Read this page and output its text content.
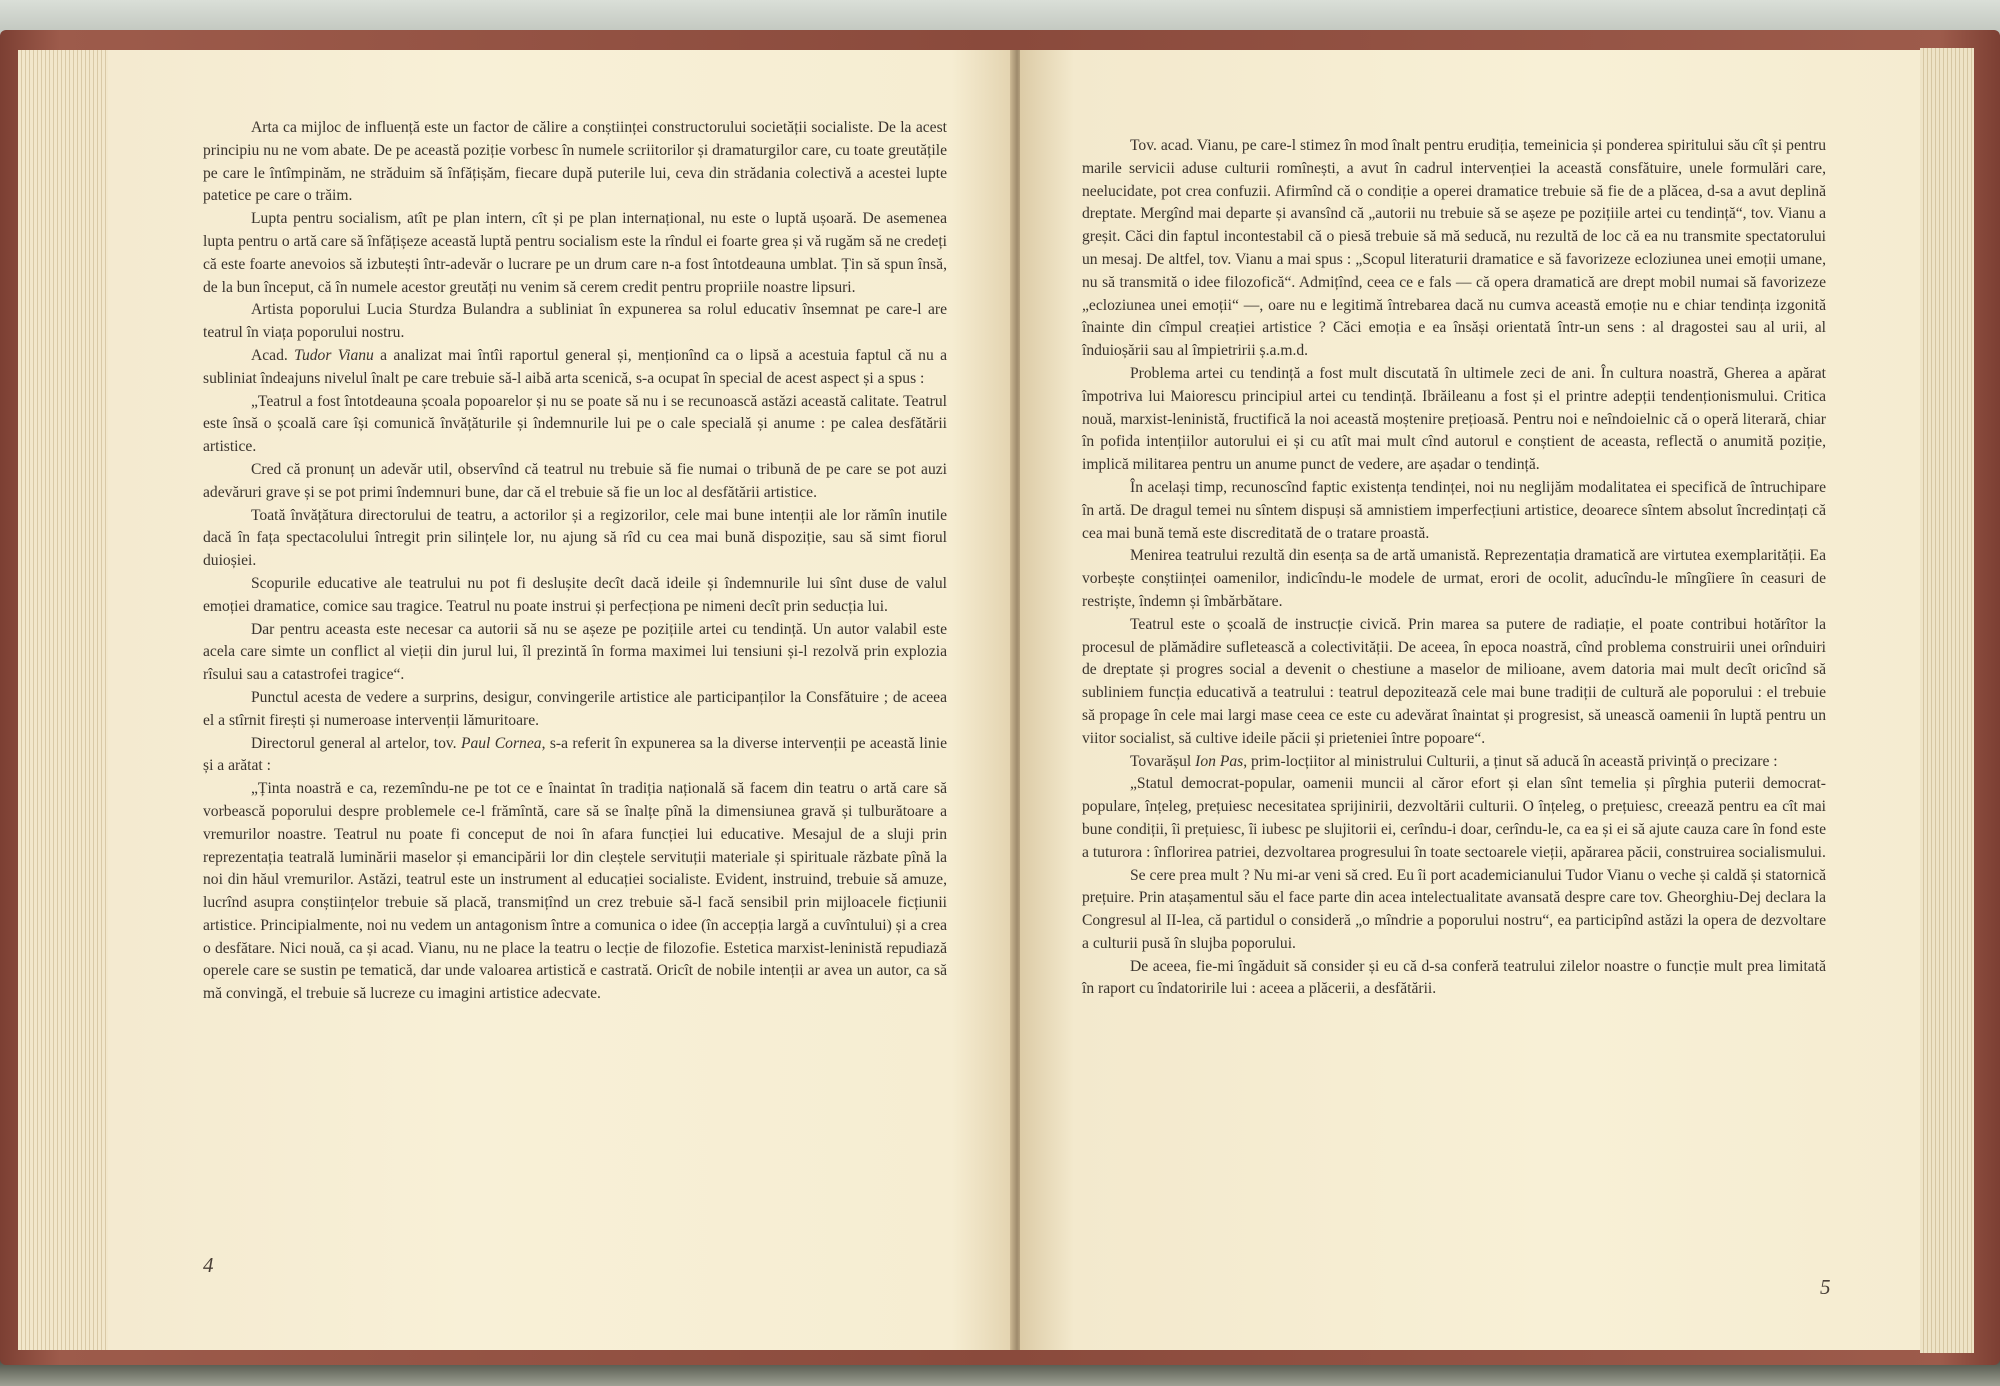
Arta ca mijloc de influență este un factor de călire a conștiinței constructorului societății socialiste. De la acest principiu nu ne vom abate. De pe această poziție vorbesc în numele scriitorilor și dramaturgilor care, cu toate greutățile pe care le întîmpinăm, ne străduim să înfățișăm, fiecare după puterile lui, ceva din strădania colectivă a acestei lupte patetice pe care o trăim.

Lupta pentru socialism, atît pe plan intern, cît și pe plan internațional, nu este o luptă ușoară. De asemenea lupta pentru o artă care să înfățișeze această luptă pentru socialism este la rîndul ei foarte grea și vă rugăm să ne credeți că este foarte anevoios să izbutești într-adevăr o lucrare pe un drum care n-a fost întotdeauna umblat. Țin să spun însă, de la bun început, că în numele acestor greutăți nu venim să cerem credit pentru propriile noastre lipsuri.

Artista poporului Lucia Sturdza Bulandra a subliniat în expunerea sa rolul educativ însemnat pe care-l are teatrul în viața poporului nostru.

Acad. Tudor Vianu a analizat mai întîi raportul general și, menționînd ca o lipsă a acestuia faptul că nu a subliniat îndeajuns nivelul înalt pe care trebuie să-l aibă arta scenică, s-a ocupat în special de acest aspect și a spus :

„Teatrul a fost întotdeauna școala popoarelor și nu se poate să nu i se recunoască astăzi această calitate. Teatrul este însă o școală care își comunică învățăturile și îndemnurile lui pe o cale specială și anume : pe calea desfătării artistice.

Cred că pronunț un adevăr util, observînd că teatrul nu trebuie să fie numai o tribună de pe care se pot auzi adevăruri grave și se pot primi îndemnuri bune, dar că el trebuie să fie un loc al desfătării artistice.

Toată învățătura directorului de teatru, a actorilor și a regizorilor, cele mai bune intenții ale lor rămîn inutile dacă în fața spectacolului întregit prin silințele lor, nu ajung să rîd cu cea mai bună dispoziție, sau să simt fiorul duioșiei.

Scopurile educative ale teatrului nu pot fi deslușite decît dacă ideile și îndemnurile lui sînt duse de valul emoției dramatice, comice sau tragice. Teatrul nu poate instrui și perfecționa pe nimeni decît prin seducția lui.

Dar pentru aceasta este necesar ca autorii să nu se așeze pe pozițiile artei cu tendință. Un autor valabil este acela care simte un conflict al vieții din jurul lui, îl prezintă în forma maximei lui tensiuni și-l rezolvă prin explozia rîsului sau a catastrofei tragice“.

Punctul acesta de vedere a surprins, desigur, convingerile artistice ale participanților la Consfătuire ; de aceea el a stîrnit firești și numeroase intervenții lămuritoare.

Directorul general al artelor, tov. Paul Cornea, s-a referit în expunerea sa la diverse intervenții pe această linie și a arătat :

„Ținta noastră e ca, rezemîndu-ne pe tot ce e înaintat în tradiția națională să facem din teatru o artă care să vorbească poporului despre problemele ce-l frămîntă, care să se înalțe pînă la dimensiunea gravă și tulburătoare a vremurilor noastre. Teatrul nu poate fi conceput de noi în afara funcției lui educative. Mesajul de a sluji prin reprezentația teatrală luminării maselor și emancipării lor din cleștele servituții materiale și spirituale răzbate pînă la noi din hăul vremurilor. Astăzi, teatrul este un instrument al educației socialiste. Evident, instruind, trebuie să amuze, lucrînd asupra conștiințelor trebuie să placă, transmițînd un crez trebuie să-l facă sensibil prin mijloacele ficțiunii artistice. Principialmente, noi nu vedem un antagonism între a comunica o idee (în accepția largă a cuvîntului) și a crea o desfătare. Nici nouă, ca și acad. Vianu, nu ne place la teatru o lecție de filozofie. Estetica marxist-leninistă repudiază operele care se sustin pe tematică, dar unde valoarea artistică e castrată. Oricît de nobile intenții ar avea un autor, ca să mă convingă, el trebuie să lucreze cu imagini artistice adecvate.

4

Tov. acad. Vianu, pe care-l stimez în mod înalt pentru erudiția, temeinicia și ponderea spiritului său cît și pentru marile servicii aduse culturii romînești, a avut în cadrul intervenției la această consfătuire, unele formulări care, neelucidate, pot crea confuzii. Afirmînd că o condiție a operei dramatice trebuie să fie de a plăcea, d-sa a avut deplină dreptate. Mergînd mai departe și avansînd că „autorii nu trebuie să se așeze pe pozițiile artei cu tendință“, tov. Vianu a greșit. Căci din faptul incontestabil că o piesă trebuie să mă seducă, nu rezultă de loc că ea nu transmite spectatorului un mesaj. De altfel, tov. Vianu a mai spus : „Scopul literaturii dramatice e să favorizeze ecloziunea unei emoții umane, nu să transmită o idee filozofică“. Admițînd, ceea ce e fals — că opera dramatică are drept mobil numai să favorizeze „ecloziunea unei emoții“ —, oare nu e legitimă întrebarea dacă nu cumva această emoție nu e chiar tendința izgonită înainte din cîmpul creației artistice ? Căci emoția e ea însăși orientată într-un sens : al dragostei sau al urii, al înduioșării sau al împietririi ș.a.m.d.

Problema artei cu tendință a fost mult discutată în ultimele zeci de ani. În cultura noastră, Gherea a apărat împotriva lui Maiorescu principiul artei cu tendință. Ibrăileanu a fost și el printre adepții tendenționismului. Critica nouă, marxist-leninistă, fructifică la noi această moștenire prețioasă. Pentru noi e neîndoielnic că o operă literară, chiar în pofida intențiilor autorului ei și cu atît mai mult cînd autorul e conștient de aceasta, reflectă o anumită poziție, implică militarea pentru un anume punct de vedere, are așadar o tendință.

În același timp, recunoscînd faptic existența tendinței, noi nu neglijăm modalitatea ei specifică de întruchipare în artă. De dragul temei nu sîntem dispuși să amnistiem imperfecțiuni artistice, deoarece sîntem absolut încredințați că cea mai bună temă este discreditată de o tratare proastă.

Menirea teatrului rezultă din esența sa de artă umanistă. Reprezentația dramatică are virtutea exemplarității. Ea vorbește conștiinței oamenilor, indicîndu-le modele de urmat, erori de ocolit, aducîndu-le mîngîiere în ceasuri de restriște, îndemn și îmbărbătare.

Teatrul este o școală de instrucție civică. Prin marea sa putere de radiație, el poate contribui hotărîtor la procesul de plămădire sufletească a colectivității. De aceea, în epoca noastră, cînd problema construirii unei orînduiri de dreptate și progres social a devenit o chestiune a maselor de milioane, avem datoria mai mult decît oricînd să subliniem funcția educativă a teatrului : teatrul depozitează cele mai bune tradiții de cultură ale poporului : el trebuie să propage în cele mai largi mase ceea ce este cu adevărat înaintat și progresist, să unească oamenii în luptă pentru un viitor socialist, să cultive ideile păcii și prieteniei între popoare“.

Tovarășul Ion Pas, prim-locțiitor al ministrului Culturii, a ținut să aducă în această privință o precizare :

„Statul democrat-popular, oamenii muncii al căror efort și elan sînt temelia și pîrghia puterii democrat-populare, înțeleg, prețuiesc necesitatea sprijinirii, dezvoltării culturii. O înțeleg, o prețuiesc, creează pentru ea cît mai bune condiții, îi prețuiesc, îi iubesc pe slujitorii ei, cerîndu-i doar, cerîndu-le, ca ea și ei să ajute cauza care în fond este a tuturora : înflorirea patriei, dezvoltarea progresului în toate sectoarele vieții, apărarea păcii, construirea socialismului.

Se cere prea mult ? Nu mi-ar veni să cred. Eu îi port academicianului Tudor Vianu o veche și caldă și statornică prețuire. Prin atașamentul său el face parte din acea intelectualitate avansată despre care tov. Gheorghiu-Dej declara la Congresul al II-lea, că partidul o consideră „o mîndrie a poporului nostru“, ea participînd astăzi la opera de dezvoltare a culturii pusă în slujba poporului.

De aceea, fie-mi îngăduit să consider și eu că d-sa conferă teatrului zilelor noastre o funcție mult prea limitată în raport cu îndatoririle lui : aceea a plăcerii, a desfătării.

5
